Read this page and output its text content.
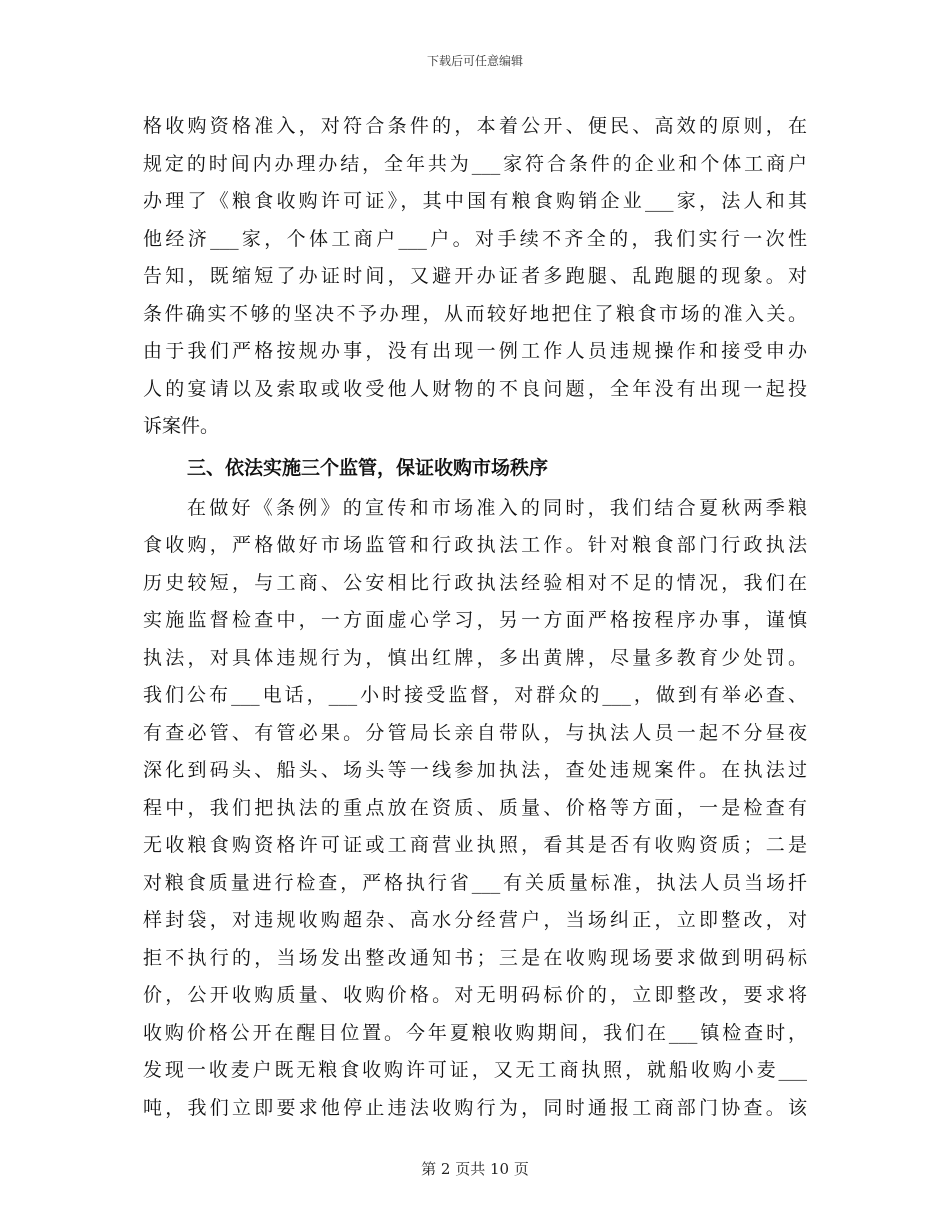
下载后可任意编辑
格收购资格准入，对符合条件的，本着公开、便民、高效的原则，在
规定的时间内办理办结，全年共为___家符合条件的企业和个体工商户
办理了《粮食收购许可证》，其中国有粮食购销企业___家，法人和其
他经济___家，个体工商户___户。对手续不齐全的，我们实行一次性
告知，既缩短了办证时间，又避开办证者多跑腿、乱跑腿的现象。对
条件确实不够的坚决不予办理，从而较好地把住了粮食市场的准入关。
由于我们严格按规办事，没有出现一例工作人员违规操作和接受申办
人的宴请以及索取或收受他人财物的不良问题，全年没有出现一起投
诉案件。
三、依法实施三个监管，保证收购市场秩序
在做好《条例》的宣传和市场准入的同时，我们结合夏秋两季粮
食收购，严格做好市场监管和行政执法工作。针对粮食部门行政执法
历史较短，与工商、公安相比行政执法经验相对不足的情况，我们在
实施监督检查中，一方面虚心学习，另一方面严格按程序办事，谨慎
执法，对具体违规行为，慎出红牌，多出黄牌，尽量多教育少处罚。
我们公布___电话，___小时接受监督，对群众的___，做到有举必查、
有查必管、有管必果。分管局长亲自带队，与执法人员一起不分昼夜
深化到码头、船头、场头等一线参加执法，查处违规案件。在执法过
程中，我们把执法的重点放在资质、质量、价格等方面，一是检查有
无收粮食购资格许可证或工商营业执照，看其是否有收购资质；二是
对粮食质量进行检查，严格执行省___有关质量标准，执法人员当场扦
样封袋，对违规收购超杂、高水分经营户，当场纠正，立即整改，对
拒不执行的，当场发出整改通知书；三是在收购现场要求做到明码标
价，公开收购质量、收购价格。对无明码标价的，立即整改，要求将
收购价格公开在醒目位置。今年夏粮收购期间，我们在___镇检查时，
发现一收麦户既无粮食收购许可证，又无工商执照，就船收购小麦___
吨，我们立即要求他停止违法收购行为，同时通报工商部门协查。该
第 2 页共 10 页
